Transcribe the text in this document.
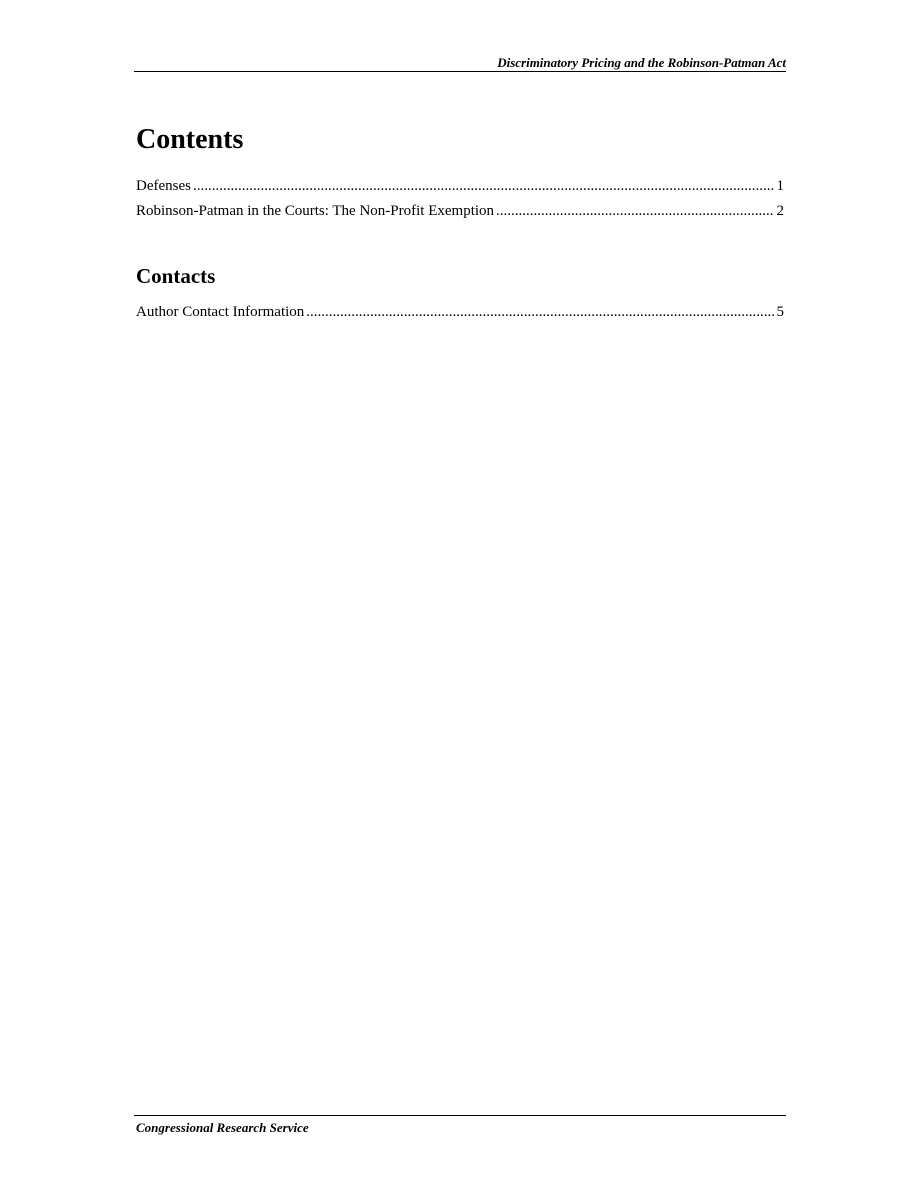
Discriminatory Pricing and the Robinson-Patman Act
Contents
Defenses .....	1
Robinson-Patman in the Courts: The Non-Profit Exemption .....	2
Contacts
Author Contact Information .....	5
Congressional Research Service
